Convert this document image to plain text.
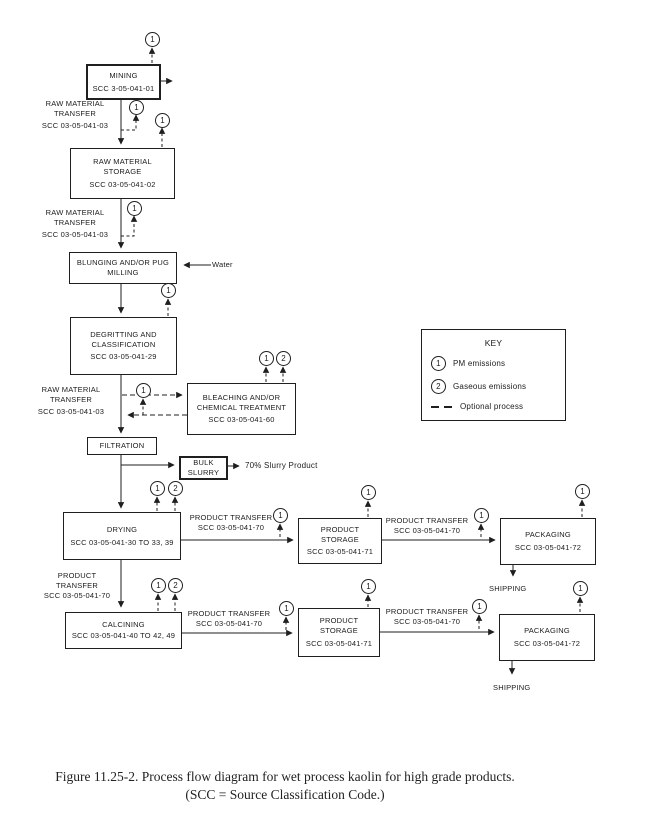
MINING
SCC 3-05-041-01
RAW MATERIAL
STORAGE
SCC 03-05-041-02
BLUNGING AND/OR PUG
MILLING
DEGRITTING AND
CLASSIFICATION
SCC 03-05-041-29
BLEACHING AND/OR
CHEMICAL TREATMENT
SCC 03-05-041-60
FILTRATION
BULK
SLURRY
DRYING
SCC 03-05-041-30 TO 33, 39
PRODUCT
STORAGE
SCC 03-05-041-71
PACKAGING
SCC 03-05-041-72
CALCINING
SCC 03-05-041-40 TO 42, 49
PRODUCT
STORAGE
SCC 03-05-041-71
PACKAGING
SCC 03-05-041-72
RAW MATERIAL
TRANSFER
SCC 03-05-041-03
RAW MATERIAL
TRANSFER
SCC 03-05-041-03
RAW MATERIAL
TRANSFER
SCC 03-05-041-03
Water
70% Slurry Product
PRODUCT TRANSFER
SCC 03-05-041-70
PRODUCT TRANSFER
SCC 03-05-041-70
PRODUCT
TRANSFER
SCC 03-05-041-70
PRODUCT TRANSFER
SCC 03-05-041-70
PRODUCT TRANSFER
SCC 03-05-041-70
SHIPPING
SHIPPING
1
1
1
1
1
1
1	2
1	2
1
1
1
1
1	2
1
1
1
1
KEY
1	PM emissions
2	Gaseous emissions
Optional process
Figure 11.25-2. Process flow diagram for wet process kaolin for high grade products.
(SCC = Source Classification Code.)
